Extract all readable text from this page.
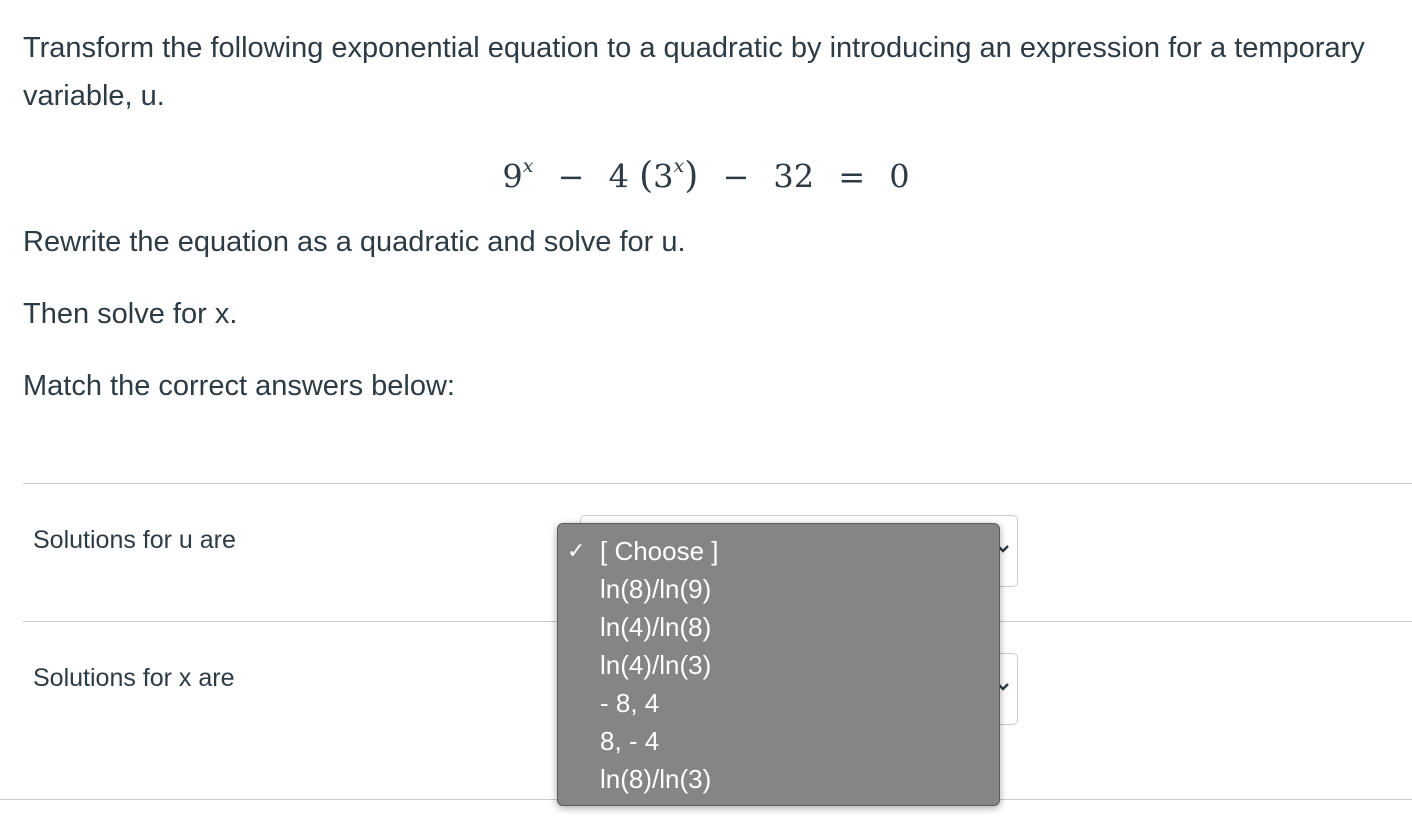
Transform the following exponential equation to a quadratic by introducing an expression for a temporary variable, u.
$9^x - 4$ $(3^x) - 32 = 0$
Rewrite the equation as a quadratic and solve for u.
Then solve for x.
Match the correct answers below:
Solutions for u are
Solutions for x are
✓ [ Choose ]
ln(8)/ln(9)
ln(4)/ln(8)
ln(4)/ln(3)
- 8, 4
8, - 4
ln(8)/ln(3)
